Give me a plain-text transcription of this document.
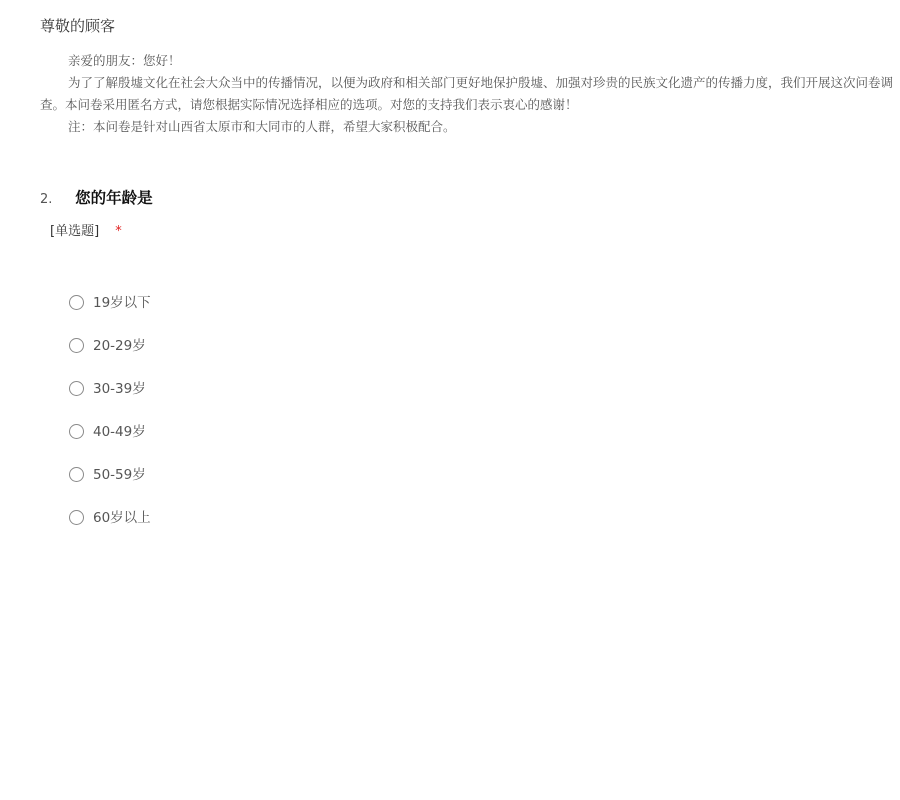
尊敬的顾客

亲爱的朋友：您好！

为了了解殷墟文化在社会大众当中的传播情况，以便为政府和相关部门更好地保护殷墟、加强对珍贵的民族文化遗产的传播力度，我们开展这次问卷调查。本问卷采用匿名方式，请您根据实际情况选择相应的选项。对您的支持我们表示衷心的感谢！

注：本问卷是针对山西省太原市和大同市的人群，希望大家积极配合。

2. 您的年龄是
[单选题] *
19岁以下
20-29岁
30-39岁
40-49岁
50-59岁
60岁以上
